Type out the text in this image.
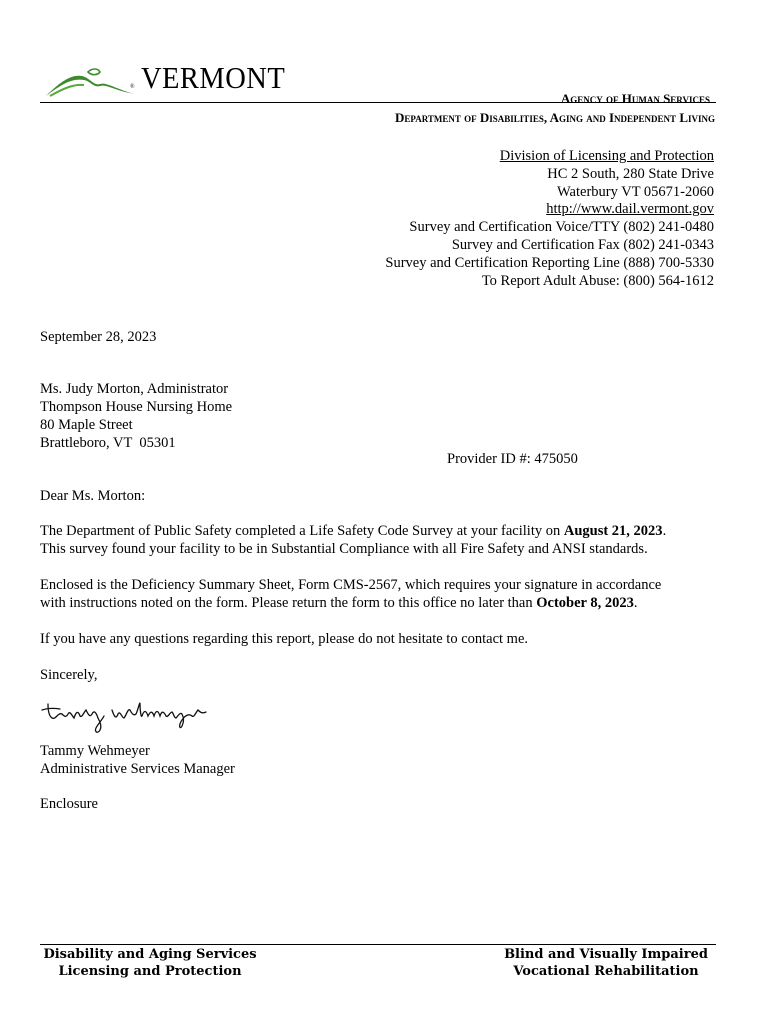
® VERMONT
Agency of Human Services
Department of Disabilities, Aging and Independent Living
Division of Licensing and Protection
HC 2 South, 280 State Drive
Waterbury VT 05671-2060
http://www.dail.vermont.gov
Survey and Certification Voice/TTY (802) 241-0480
Survey and Certification Fax (802) 241-0343
Survey and Certification Reporting Line (888) 700-5330
To Report Adult Abuse: (800) 564-1612
September 28, 2023
Ms. Judy Morton, Administrator
Thompson House Nursing Home
80 Maple Street
Brattleboro, VT  05301
Provider ID #: 475050
Dear Ms. Morton:
The Department of Public Safety completed a Life Safety Code Survey at your facility on August 21, 2023.
This survey found your facility to be in Substantial Compliance with all Fire Safety and ANSI standards.
Enclosed is the Deficiency Summary Sheet, Form CMS-2567, which requires your signature in accordance
with instructions noted on the form. Please return the form to this office no later than October 8, 2023.
If you have any questions regarding this report, please do not hesitate to contact me.
Sincerely,
Tammy Wehmeyer
Administrative Services Manager
Enclosure
Disability and Aging Services
Licensing and Protection
Blind and Visually Impaired
Vocational Rehabilitation
